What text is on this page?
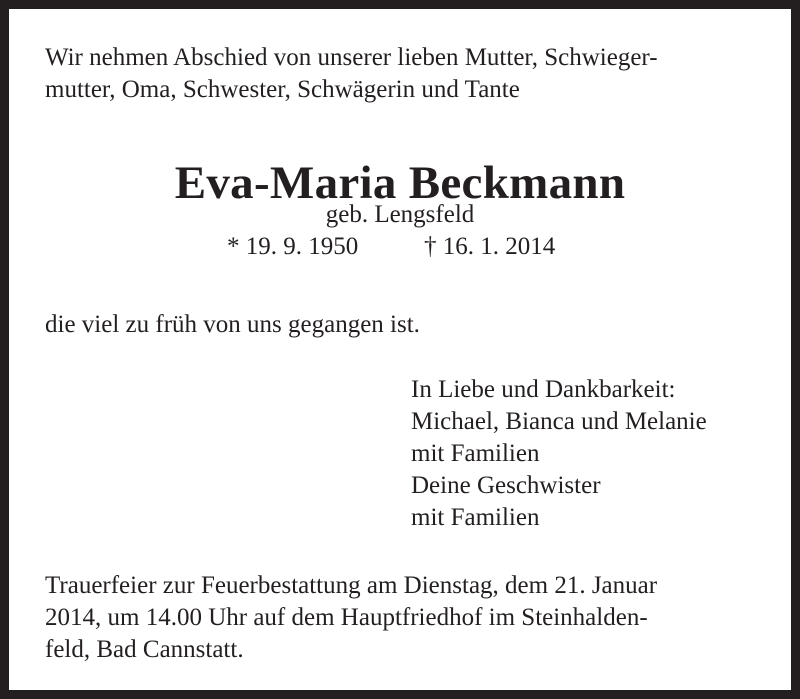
Wir nehmen Abschied von unserer lieben Mutter, Schwieger-
mutter, Oma, Schwester, Schwägerin und Tante
Eva-Maria Beckmann
geb. Lengsfeld
* 19. 9. 1950	† 16. 1. 2014
die viel zu früh von uns gegangen ist.
In Liebe und Dankbarkeit:
Michael, Bianca und Melanie
mit Familien
Deine Geschwister
mit Familien
Trauerfeier zur Feuerbestattung am Dienstag, dem 21. Januar
2014, um 14.00 Uhr auf dem Hauptfriedhof im Steinhalden-
feld, Bad Cannstatt.
